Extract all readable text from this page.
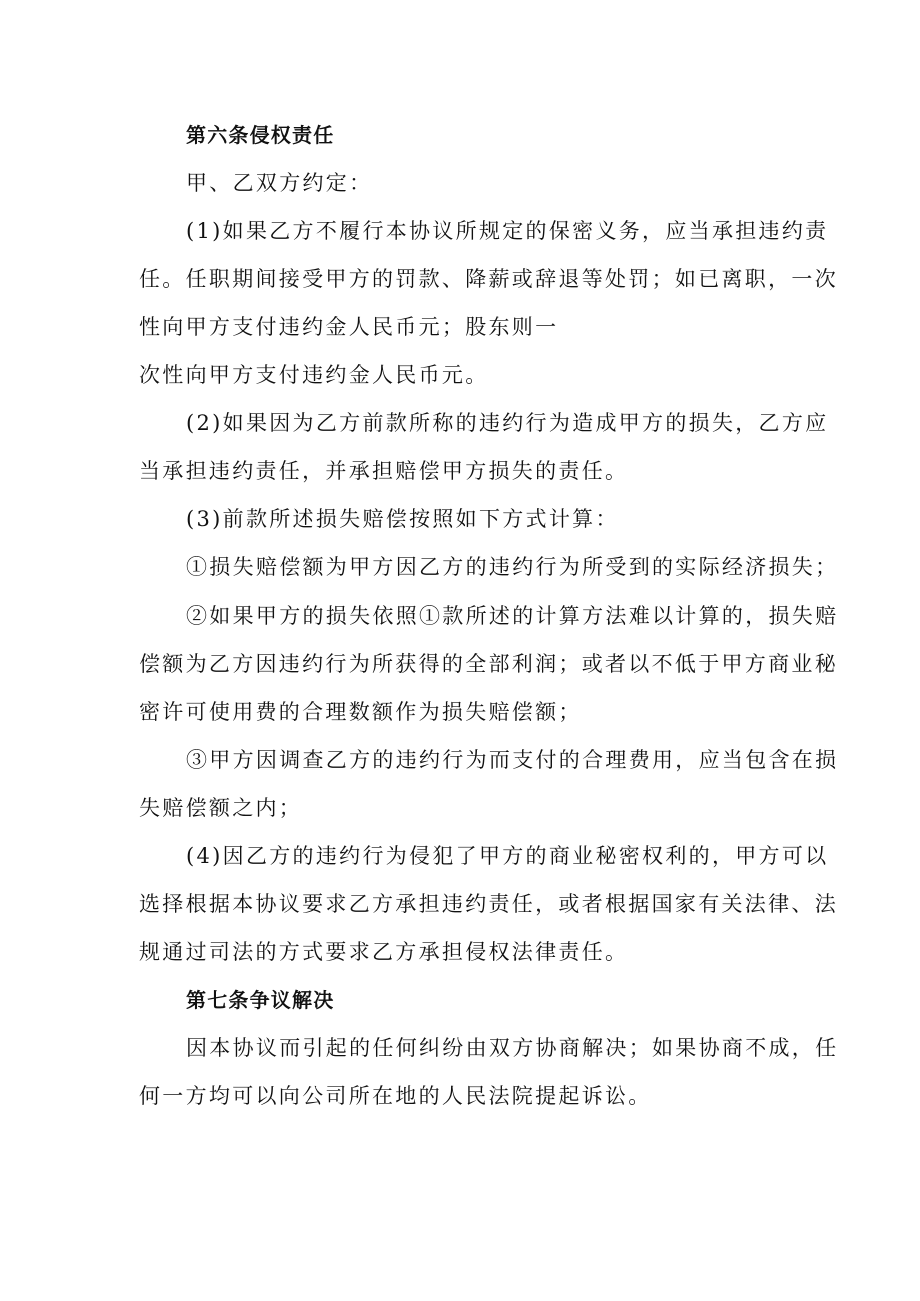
第六条侵权责任
甲、乙双方约定：
(1)如果乙方不履行本协议所规定的保密义务，应当承担违约责
任。任职期间接受甲方的罚款、降薪或辞退等处罚；如已离职，一次
性向甲方支付违约金人民币元；股东则一
次性向甲方支付违约金人民币元。
(2)如果因为乙方前款所称的违约行为造成甲方的损失，乙方应
当承担违约责任，并承担赔偿甲方损失的责任。
(3)前款所述损失赔偿按照如下方式计算：
①损失赔偿额为甲方因乙方的违约行为所受到的实际经济损失；
②如果甲方的损失依照①款所述的计算方法难以计算的，损失赔
偿额为乙方因违约行为所获得的全部利润；或者以不低于甲方商业秘
密许可使用费的合理数额作为损失赔偿额；
③甲方因调查乙方的违约行为而支付的合理费用，应当包含在损
失赔偿额之内；
(4)因乙方的违约行为侵犯了甲方的商业秘密权利的，甲方可以
选择根据本协议要求乙方承担违约责任，或者根据国家有关法律、法
规通过司法的方式要求乙方承担侵权法律责任。
第七条争议解决
因本协议而引起的任何纠纷由双方协商解决；如果协商不成，任
何一方均可以向公司所在地的人民法院提起诉讼。
